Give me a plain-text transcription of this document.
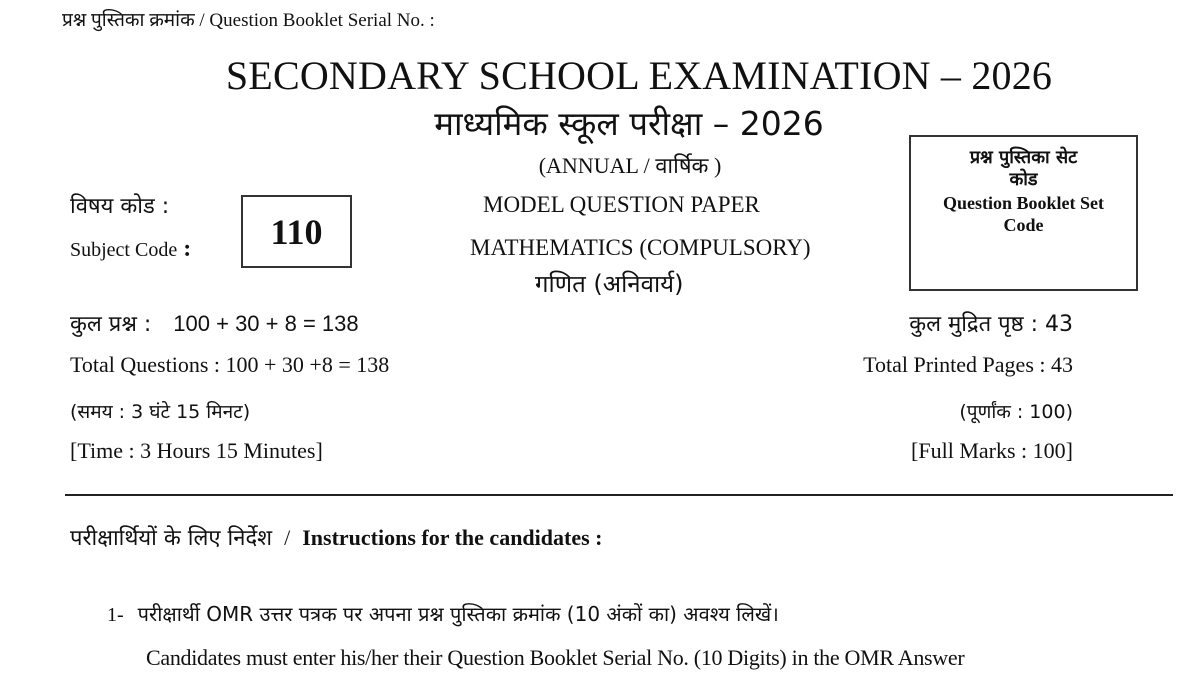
प्रश्न पुस्तिका क्रमांक / Question Booklet Serial No. :
SECONDARY SCHOOL EXAMINATION – 2026
माध्यमिक स्कूल परीक्षा – 2026
(ANNUAL / वार्षिक )
विषय कोड :
Subject Code : 110
MODEL QUESTION PAPER
MATHEMATICS (COMPULSORY)
गणित (अनिवार्य)
प्रश्न पुस्तिका सेट
कोड
Question Booklet Set
Code
कुल प्रश्न : 100 + 30 + 8 = 138
Total Questions : 100 + 30 +8 = 138
(समय : 3 घंटे 15 मिनट)
[Time : 3 Hours 15 Minutes]
कुल मुद्रित पृष्ठ : 43
Total Printed Pages : 43
(पूर्णांक : 100)
[Full Marks : 100]
परीक्षार्थियों के लिए निर्देश / Instructions for the candidates :
1- परीक्षार्थी OMR उत्तर पत्रक पर अपना प्रश्न पुस्तिका क्रमांक (10 अंकों का) अवश्य लिखें।
Candidates must enter his/her their Question Booklet Serial No. (10 Digits) in the OMR Answer
